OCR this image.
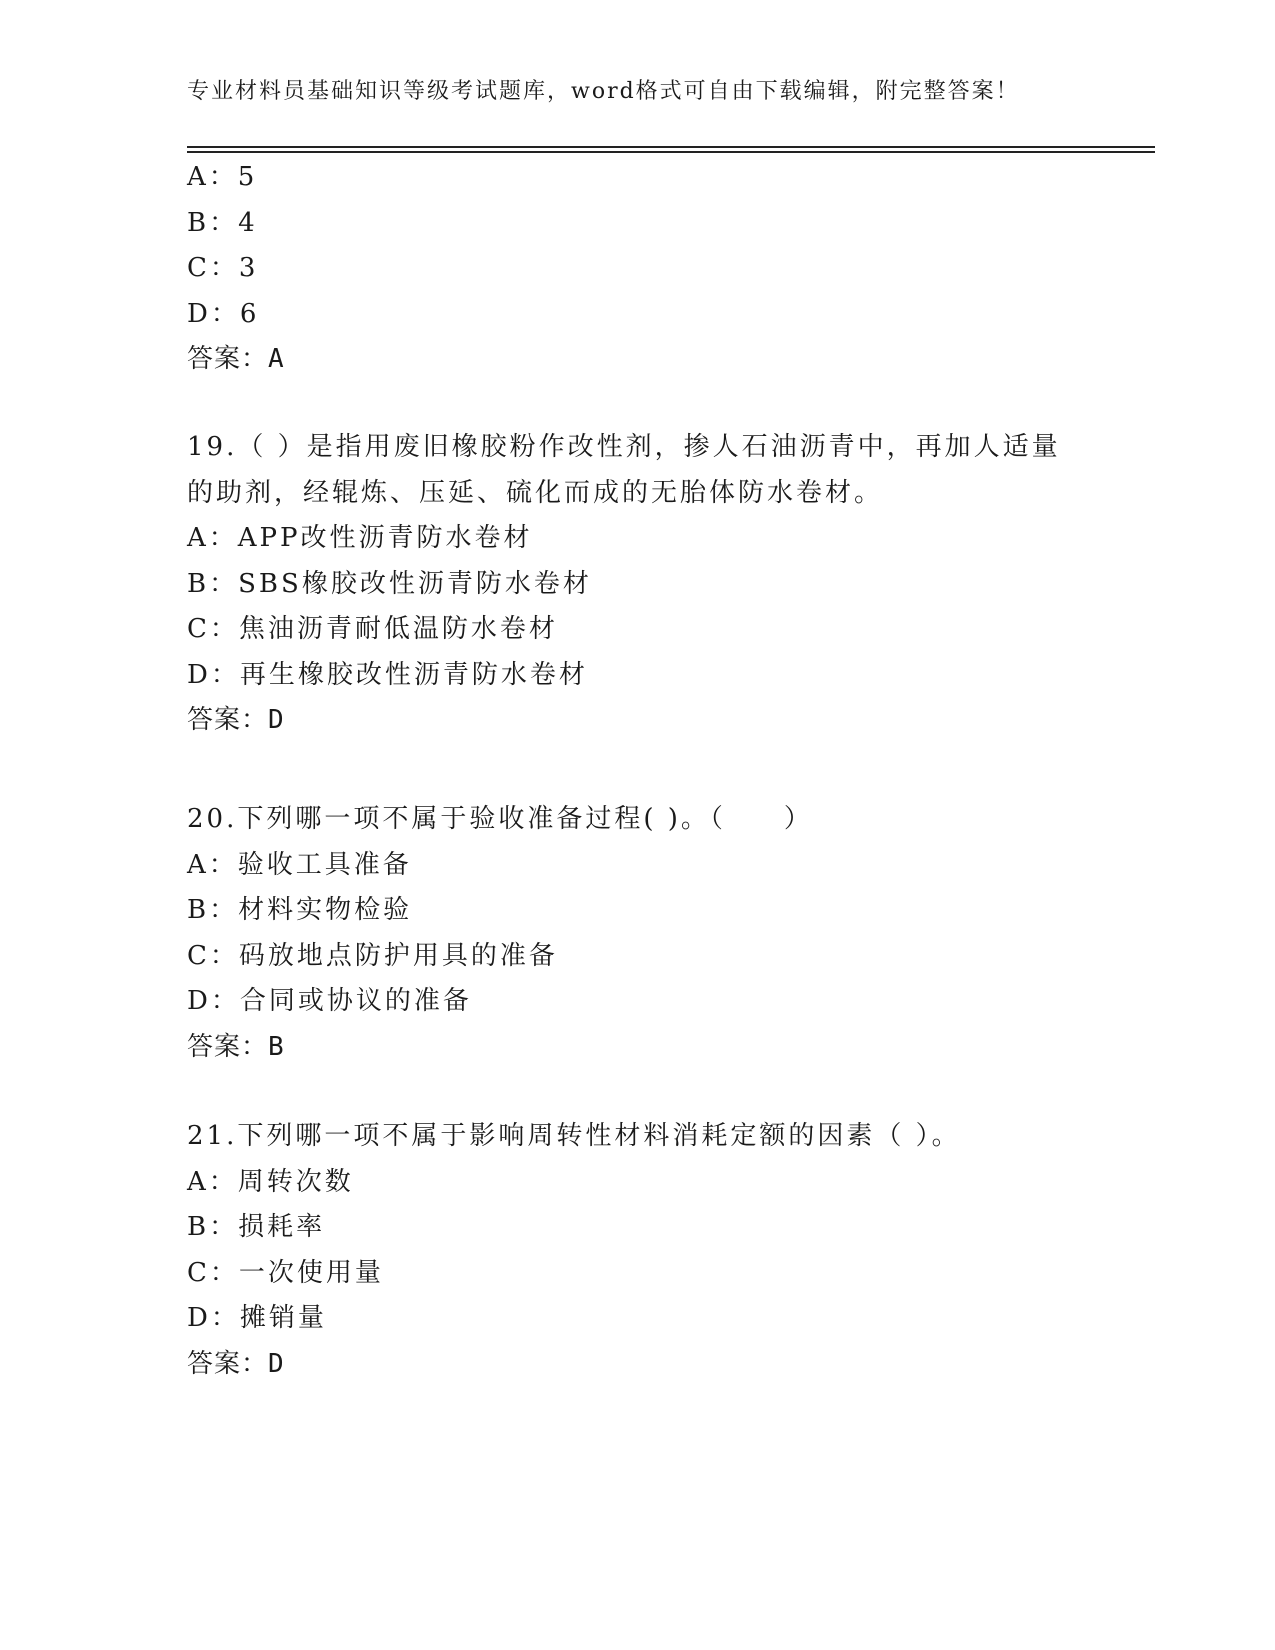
专业材料员基础知识等级考试题库，word格式可自由下载编辑，附完整答案！
A：5
B：4
C：3
D：6
答案：A
19.（ ）是指用废旧橡胶粉作改性剂，掺人石油沥青中，再加人适量
的助剂，经辊炼、压延、硫化而成的无胎体防水卷材。
A：APP改性沥青防水卷材
B：SBS橡胶改性沥青防水卷材
C：焦油沥青耐低温防水卷材
D：再生橡胶改性沥青防水卷材
答案：D
20.下列哪一项不属于验收准备过程( )。（　　）
A：验收工具准备
B：材料实物检验
C：码放地点防护用具的准备
D：合同或协议的准备
答案：B
21.下列哪一项不属于影响周转性材料消耗定额的因素（ ）。
A：周转次数
B：损耗率
C：一次使用量
D：摊销量
答案：D
